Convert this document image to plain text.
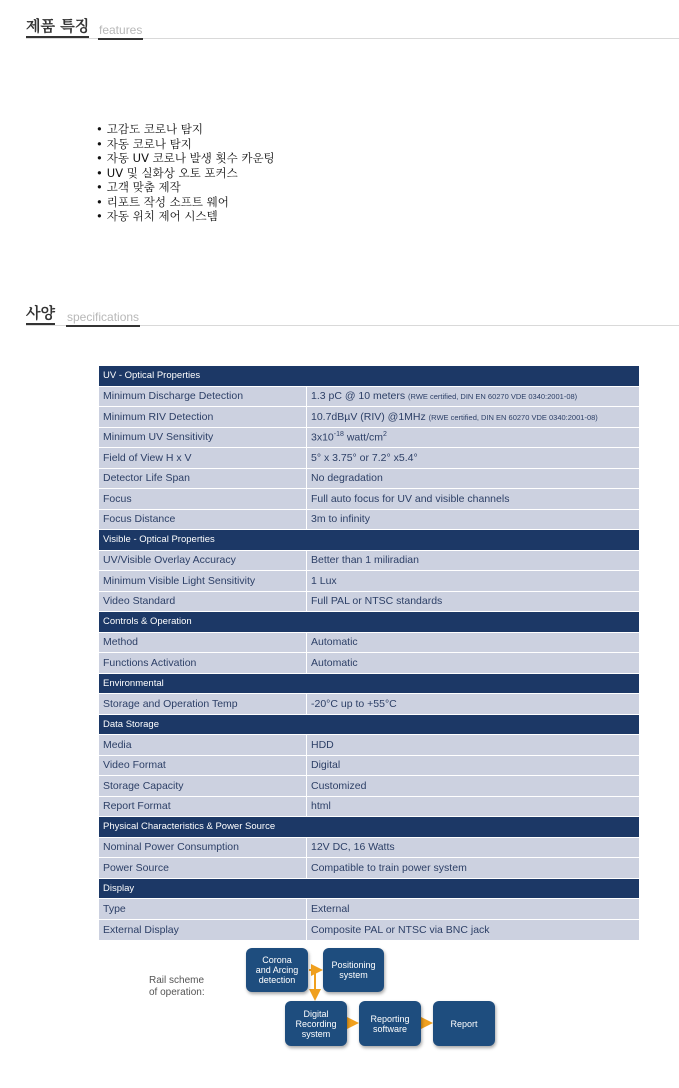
제품 특징 features
• 고감도 코로나 탐지
• 자동 코로나 탐지
• 자동 UV 코로나 발생 횟수 카운팅
• UV 및 실화상 오토 포커스
• 고객 맞춤 제작
• 리포트 작성 소프트 웨어
• 자동 위치 제어 시스템
사양 specifications
UV - Optical Properties	
Minimum Discharge Detection	1.3 pC @ 10 meters (RWE certified, DIN EN 60270 VDE 0340:2001-08)
Minimum RIV Detection	10.7dBµV (RIV) @1MHz (RWE certified, DIN EN 60270 VDE 0340:2001-08)
Minimum UV Sensitivity	$3x10^{-18}$ watt/$cm^2$
Field of View H x V	5° x 3.75° or 7.2° x5.4°
Detector Life Span	No degradation
Focus	Full auto focus for UV and visible channels
Focus Distance	3m to infinity
Visible - Optical Properties	
UV/Visible Overlay Accuracy	Better than 1 miliradian
Minimum Visible Light Sensitivity	1 Lux
Video Standard	Full PAL or NTSC standards
Controls & Operation	
Method	Automatic
Functions Activation	Automatic
Environmental	
Storage and Operation Temp	-20°C up to +55°C
Data Storage	
Media	HDD
Video Format	Digital
Storage Capacity	Customized
Report Format	html
Physical Characteristics & Power Source	
Nominal Power Consumption	12V DC, 16 Watts
Power Source	Compatible to train power system
Display	
Type	External
External Display	Composite PAL or NTSC via BNC jack
Rail scheme
of operation:
Corona
and Arcing
detection
Positioning
system
Digital
Recording
system
Reporting
software	Report
